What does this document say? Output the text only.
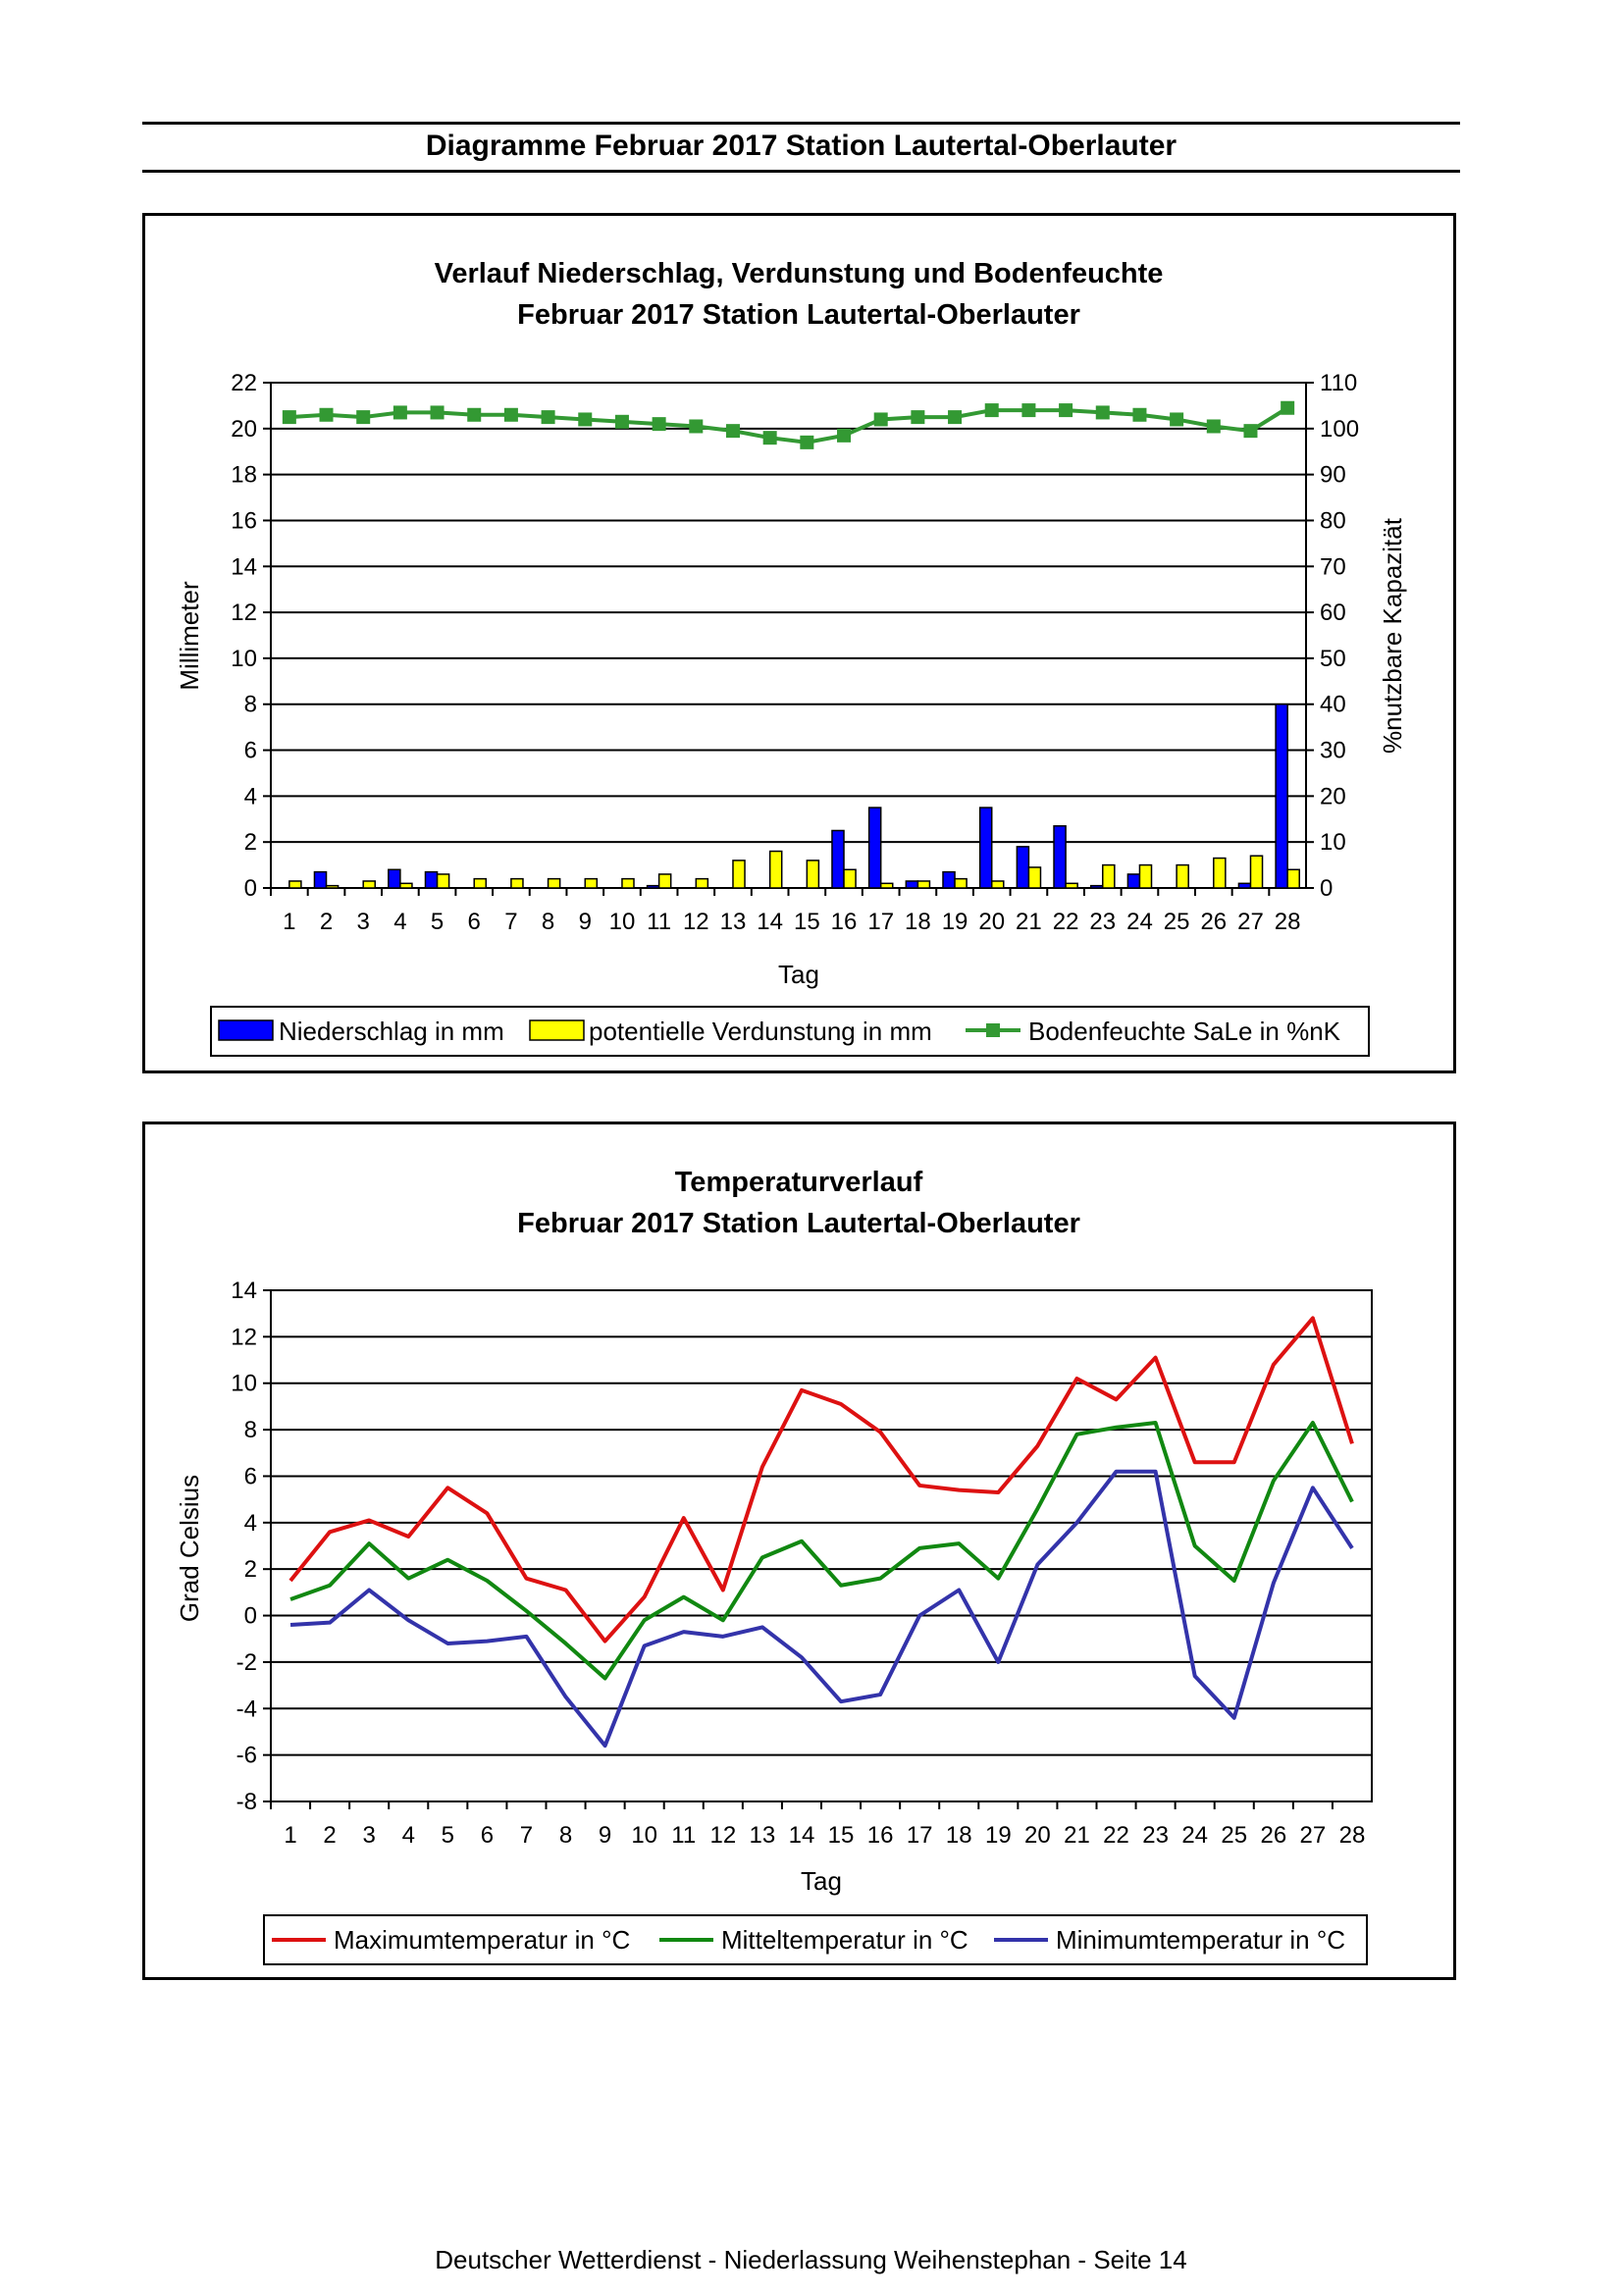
Diagramme Februar 2017 Station Lautertal-Oberlauter
Verlauf Niederschlag, Verdunstung und Bodenfeuchte
Februar 2017 Station Lautertal-Oberlauter
0
2
4
6
8
10
12
14
16
18
20
22
0
10
20
30
40
50
60
70
80
90
100
110
1 2 3 4 5 6 7 8 9 10 11 12 13 14 15 16 17 18 19 20 21 22 23 24 25 26 27 28
Tag
Millimeter	%nutzbare Kapazität
Niederschlag in mm	potentielle Verdunstung in mm	Bodenfeuchte SaLe in %nK
Temperaturverlauf
Februar 2017 Station Lautertal-Oberlauter
-8
-6
-4
-2
0
2
4
6
8
10
12
14
1 2 3 4 5 6 7 8 9 10 11 12 13 14 15 16 17 18 19 20 21 22 23 24 25 26 27 28
Tag
Grad Celsius
Maximumtemperatur in °C	Mitteltemperatur in °C	Minimumtemperatur in °C
Deutscher Wetterdienst - Niederlassung Weihenstephan - Seite 14
